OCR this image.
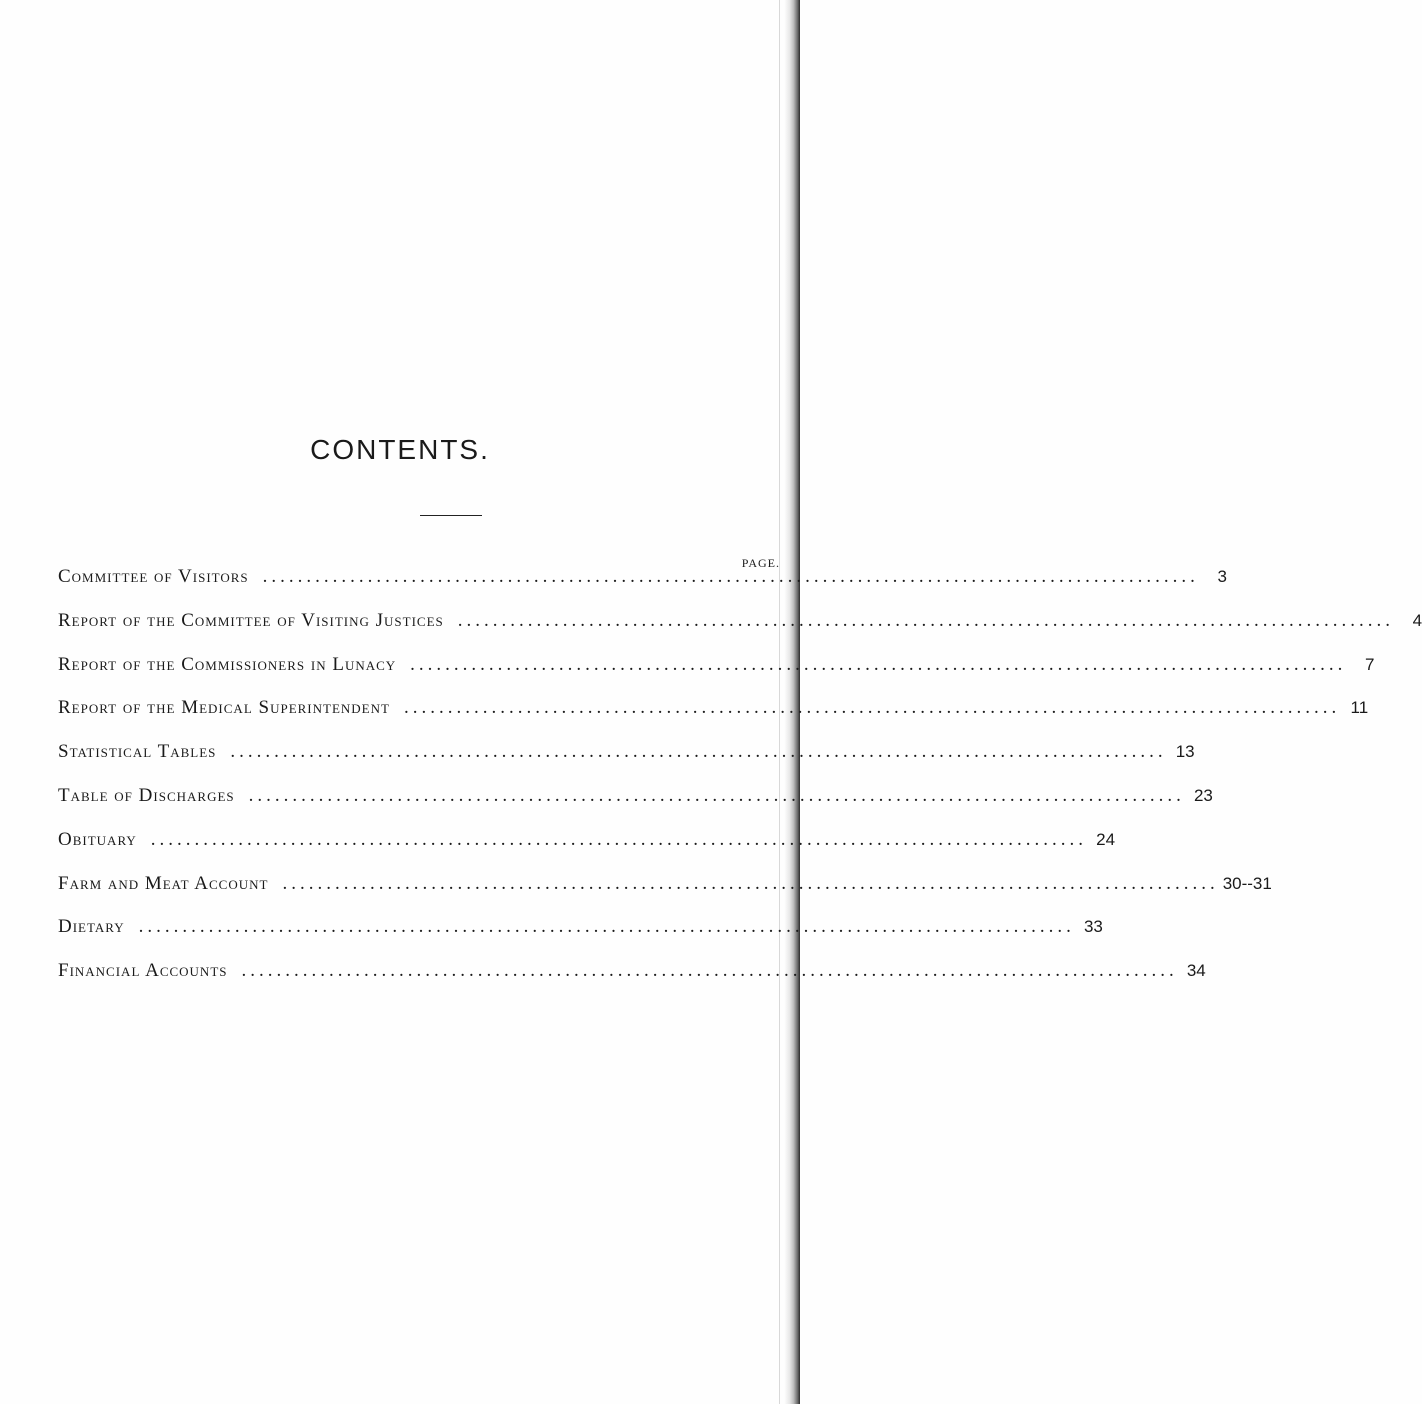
CONTENTS.
PAGE.
Committee of Visitors ...........................................................................................................	3
Report of the Committee of Visiting Justices ...........................................................................................................	4
Report of the Commissioners in Lunacy ...........................................................................................................	7
Report of the Medical Superintendent ........................................................................................................... 11
Statistical Tables ........................................................................................................... 13
Table of Discharges ........................................................................................................... 23
Obituary ........................................................................................................... 24
Farm and Meat Account ........................................................................................................... 30--31
Dietary ........................................................................................................... 33
Financial Accounts ........................................................................................................... 34
